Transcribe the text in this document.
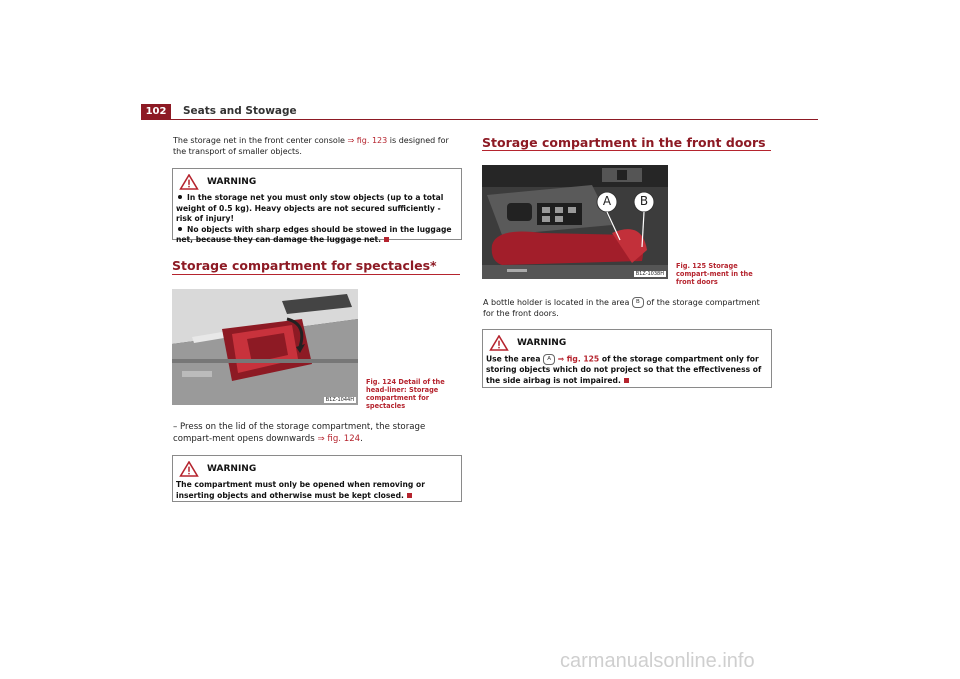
102	Seats and Stowage
The storage net in the front center console ⇒ fig. 123 is designed for the transport of smaller objects.
WARNING
In the storage net you must only stow objects (up to a total weight of 0.5 kg). Heavy objects are not secured sufficiently - risk of injury!
No objects with sharp edges should be stowed in the luggage net, because they can damage the luggage net.
Storage compartment for spectacles*
B1Z-1044H
Fig. 124 Detail of the head-liner: Storage compartment for spectacles
– Press on the lid of the storage compartment, the storage compart-ment opens downwards ⇒ fig. 124.
WARNING
The compartment must only be opened when removing or inserting objects and otherwise must be kept closed.
Storage compartment in the front doors
A B
B1Z-1038H
Fig. 125 Storage compart-ment in the front doors
A bottle holder is located in the area B of the storage compartment for the front doors.
WARNING
Use the area A ⇒ fig. 125 of the storage compartment only for storing objects which do not project so that the effectiveness of the side airbag is not impaired.
carmanualsonline.info
